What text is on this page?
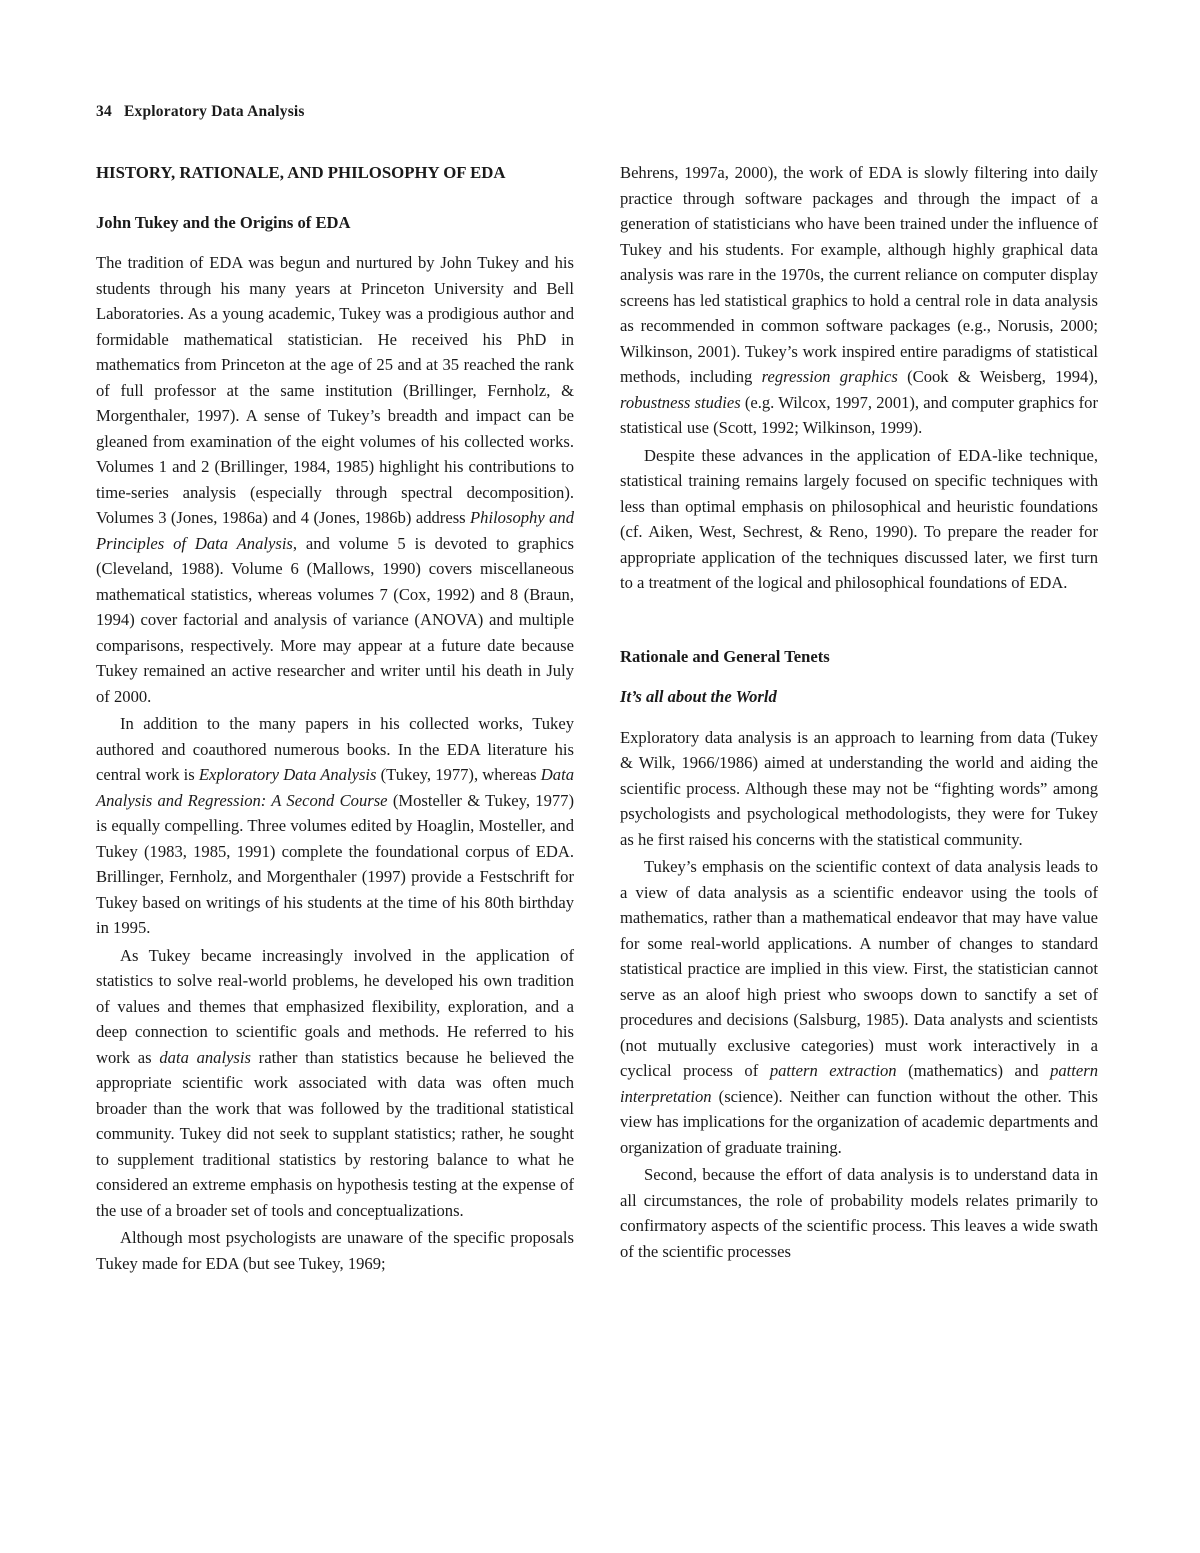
34 Exploratory Data Analysis
HISTORY, RATIONALE, AND PHILOSOPHY OF EDA
John Tukey and the Origins of EDA

The tradition of EDA was begun and nurtured by John Tukey and his students through his many years at Princeton University and Bell Laboratories. As a young academic, Tukey was a prodigious author and formidable mathematical statistician. He received his PhD in mathematics from Princeton at the age of 25 and at 35 reached the rank of full professor at the same institution (Brillinger, Fernholz, & Morgenthaler, 1997). A sense of Tukey’s breadth and impact can be gleaned from examination of the eight volumes of his collected works. Volumes 1 and 2 (Brillinger, 1984, 1985) highlight his contributions to time-series analysis (especially through spectral decomposition). Volumes 3 (Jones, 1986a) and 4 (Jones, 1986b) address Philosophy and Principles of Data Analysis, and volume 5 is devoted to graphics (Cleveland, 1988). Volume 6 (Mallows, 1990) covers miscellaneous mathematical statistics, whereas volumes 7 (Cox, 1992) and 8 (Braun, 1994) cover factorial and analysis of variance (ANOVA) and multiple comparisons, respectively. More may appear at a future date because Tukey remained an active researcher and writer until his death in July of 2000.

In addition to the many papers in his collected works, Tukey authored and coauthored numerous books. In the EDA literature his central work is Exploratory Data Analysis (Tukey, 1977), whereas Data Analysis and Regression: A Second Course (Mosteller & Tukey, 1977) is equally compelling. Three volumes edited by Hoaglin, Mosteller, and Tukey (1983, 1985, 1991) complete the foundational corpus of EDA. Brillinger, Fernholz, and Morgenthaler (1997) provide a Festschrift for Tukey based on writings of his students at the time of his 80th birthday in 1995.

As Tukey became increasingly involved in the application of statistics to solve real-world problems, he developed his own tradition of values and themes that emphasized flexibility, exploration, and a deep connection to scientific goals and methods. He referred to his work as data analysis rather than statistics because he believed the appropriate scientific work associated with data was often much broader than the work that was followed by the traditional statistical community. Tukey did not seek to supplant statistics; rather, he sought to supplement traditional statistics by restoring balance to what he considered an extreme emphasis on hypothesis testing at the expense of the use of a broader set of tools and conceptualizations.

Although most psychologists are unaware of the specific proposals Tukey made for EDA (but see Tukey, 1969;

Behrens, 1997a, 2000), the work of EDA is slowly filtering into daily practice through software packages and through the impact of a generation of statisticians who have been trained under the influence of Tukey and his students. For example, although highly graphical data analysis was rare in the 1970s, the current reliance on computer display screens has led statistical graphics to hold a central role in data analysis as recommended in common software packages (e.g., Norusis, 2000; Wilkinson, 2001). Tukey’s work inspired entire paradigms of statistical methods, including regression graphics (Cook & Weisberg, 1994), robustness studies (e.g. Wilcox, 1997, 2001), and computer graphics for statistical use (Scott, 1992; Wilkinson, 1999).

Despite these advances in the application of EDA-like technique, statistical training remains largely focused on specific techniques with less than optimal emphasis on philosophical and heuristic foundations (cf. Aiken, West, Sechrest, & Reno, 1990). To prepare the reader for appropriate application of the techniques discussed later, we first turn to a treatment of the logical and philosophical foundations of EDA.

Rationale and General Tenets
It’s all about the World

Exploratory data analysis is an approach to learning from data (Tukey & Wilk, 1966/1986) aimed at understanding the world and aiding the scientific process. Although these may not be “fighting words” among psychologists and psychological methodologists, they were for Tukey as he first raised his concerns with the statistical community.

Tukey’s emphasis on the scientific context of data analysis leads to a view of data analysis as a scientific endeavor using the tools of mathematics, rather than a mathematical endeavor that may have value for some real-world applications. A number of changes to standard statistical practice are implied in this view. First, the statistician cannot serve as an aloof high priest who swoops down to sanctify a set of procedures and decisions (Salsburg, 1985). Data analysts and scientists (not mutually exclusive categories) must work interactively in a cyclical process of pattern extraction (mathematics) and pattern interpretation (science). Neither can function without the other. This view has implications for the organization of academic departments and organization of graduate training.

Second, because the effort of data analysis is to understand data in all circumstances, the role of probability models relates primarily to confirmatory aspects of the scientific process. This leaves a wide swath of the scientific processes
